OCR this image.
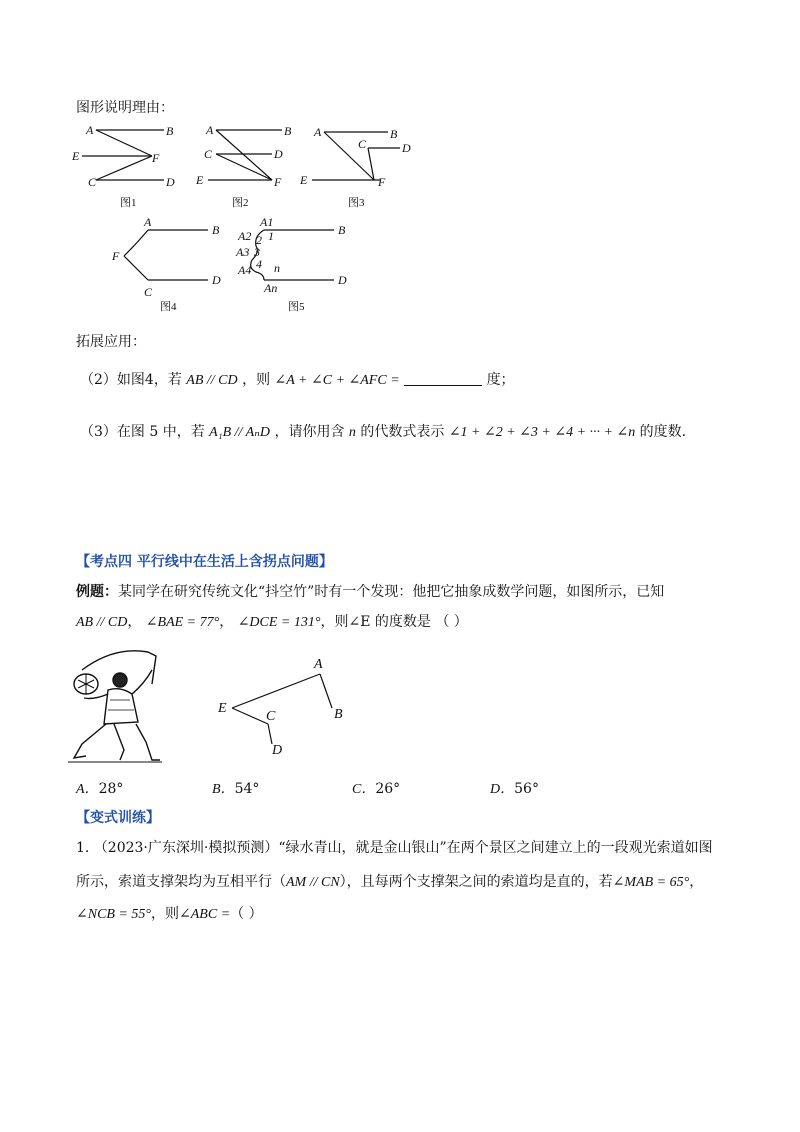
图形说明理由：
A	B
E	F
C	D
图1
A	B
C	D
E	F
图2
A	B
C	D
E	F
图3
A
B
F
C
D
图4
A1
B
A2 2 1
A3 3
4
A4 n
An
D
图5
拓展应用：
（2）如图4，若 AB // CD ，则 ∠A + ∠C + ∠AFC =	度；
（3）在图 5 中，若 A₁B // AₙD ，请你用含 n 的代数式表示 ∠1 + ∠2 + ∠3 + ∠4 + ··· + ∠n 的度数.
【考点四 平行线中在生活上含拐点问题】
例题：某同学在研究传统文化“抖空竹”时有一个发现：他把它抽象成数学问题，如图所示，已知
AB // CD， ∠BAE = 77°， ∠DCE = 131°，则∠E 的度数是 （ ）
A
E
C	B
D
A．28°	B．54°	C．26°	D．56°
【变式训练】
1. （2023·广东深圳·模拟预测）“绿水青山，就是金山银山”在两个景区之间建立上的一段观光索道如图
所示，索道支撑架均为互相平行（AM // CN），且每两个支撑架之间的索道均是直的，若∠MAB = 65°，
∠NCB = 55°，则∠ABC =（ ）
